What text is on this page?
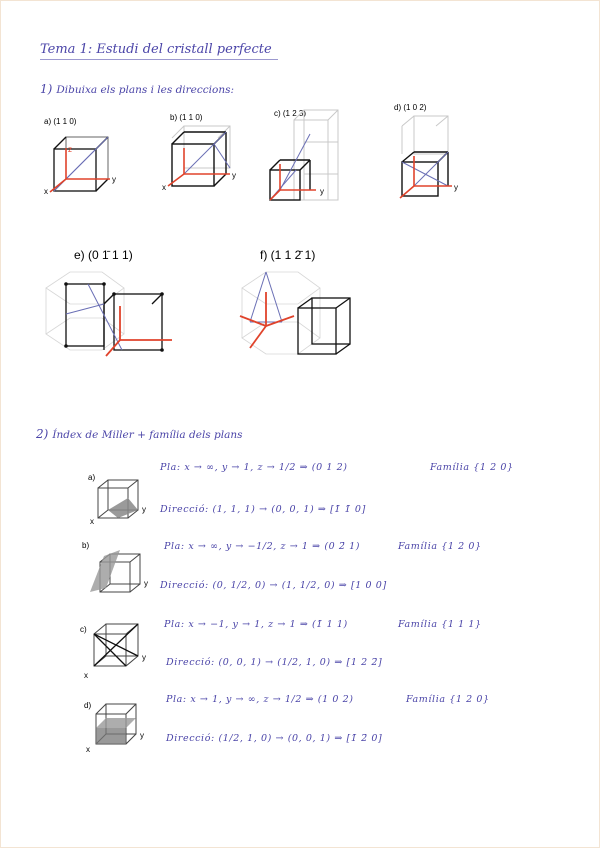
Tema 1: Estudi del cristall perfecte
1) Dibuixa els plans i les direccions:
a) (1 1 0)
z
y
x
b) (1 1 0)
y
x
c) (1 2 3)
y
d) (1 0 2)
y
e) (0 1̄ 1 1)	f) (1 1 2̄ 1)
2) Índex de Miller + família dels plans
a)
y
x
Pla: x → ∞, y → 1, z → 1/2 ⇒ (0 1 2)	Família {1 2 0}
Direcció: (1, 1, 1) → (0, 0, 1) ⇒ [1̄ 1̄ 0]
b)
y
Pla: x → ∞, y → −1/2, z → 1 ⇒ (0 2̄ 1)	Família {1 2 0}
Direcció: (0, 1/2, 0) → (1, 1/2, 0) ⇒ [1 0 0]
c)
y
x
Pla: x → −1, y → 1, z → 1 ⇒ (1̄ 1 1)	Família {1 1 1}
Direcció: (0, 0, 1) → (1/2, 1, 0) ⇒ [1 2 2̄]
d)
y
x
Pla: x → 1, y → ∞, z → 1/2 ⇒ (1 0 2)	Família {1 2 0}
Direcció: (1/2, 1, 0) → (0, 0, 1) ⇒ [1̄ 2̄ 0]
